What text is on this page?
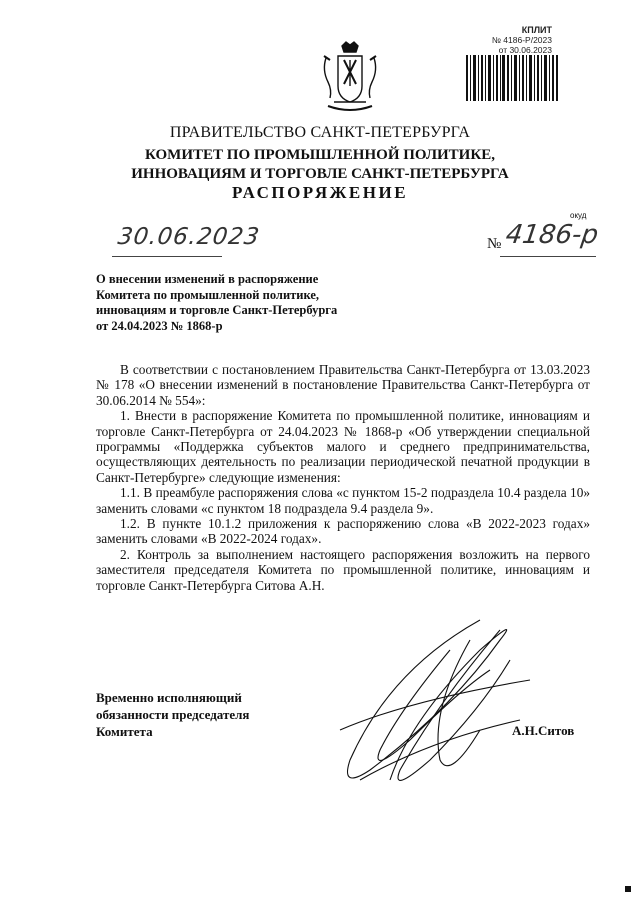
КПЛИТ
№ 4186-Р/2023
от 30.06.2023
ПРАВИТЕЛЬСТВО САНКТ-ПЕТЕРБУРГА
КОМИТЕТ ПО ПРОМЫШЛЕННОЙ ПОЛИТИКЕ,
ИННОВАЦИЯМ И ТОРГОВЛЕ САНКТ-ПЕТЕРБУРГА
РАСПОРЯЖЕНИЕ
окуд
30.06.2023	№ 4186-р
О внесении изменений в распоряжение
Комитета по промышленной политике,
инновациям и торговле Санкт-Петербурга
от 24.04.2023 № 1868-р

В соответствии с постановлением Правительства Санкт-Петербурга от 13.03.2023 № 178 «О внесении изменений в постановление Правительства Санкт-Петербурга от 30.06.2014 № 554»:

1. Внести в распоряжение Комитета по промышленной политике, инновациям и торговле Санкт-Петербурга от 24.04.2023 № 1868-р «Об утверждении специальной программы «Поддержка субъектов малого и среднего предпринимательства, осуществляющих деятельность по реализации периодической печатной продукции в Санкт-Петербурге» следующие изменения:

1.1. В преамбуле распоряжения слова «с пунктом 15-2 подраздела 10.4 раздела 10» заменить словами «с пунктом 18 подраздела 9.4 раздела 9».

1.2. В пункте 10.1.2 приложения к распоряжению слова «В 2022-2023 годах» заменить словами «В 2022-2024 годах».

2. Контроль за выполнением настоящего распоряжения возложить на первого заместителя председателя Комитета по промышленной политике, инновациям и торговле Санкт-Петербурга Ситова А.Н.

Временно исполняющий
обязанности председателя
Комитета	А.Н.Ситов
